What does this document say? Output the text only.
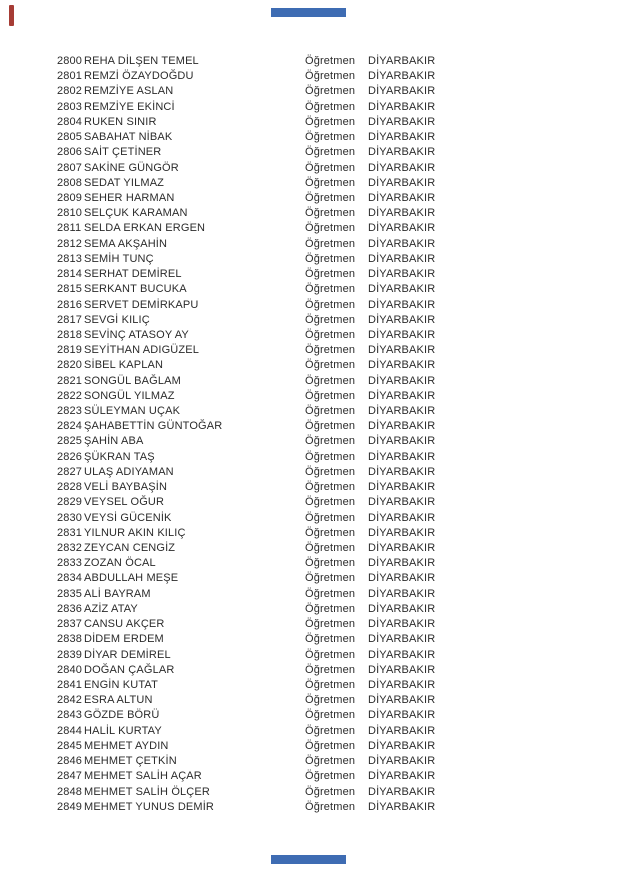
2800 REHA DİLŞEN TEMEL	Öğretmen	DİYARBAKIR
2801 REMZİ ÖZAYDOĞDU	Öğretmen	DİYARBAKIR
2802 REMZİYE ASLAN	Öğretmen	DİYARBAKIR
2803 REMZİYE EKİNCİ	Öğretmen	DİYARBAKIR
2804 RUKEN SINIR	Öğretmen	DİYARBAKIR
2805 SABAHAT NİBAK	Öğretmen	DİYARBAKIR
2806 SAİT ÇETİNER	Öğretmen	DİYARBAKIR
2807 SAKİNE GÜNGÖR	Öğretmen	DİYARBAKIR
2808 SEDAT YILMAZ	Öğretmen	DİYARBAKIR
2809 SEHER HARMAN	Öğretmen	DİYARBAKIR
2810 SELÇUK KARAMAN	Öğretmen	DİYARBAKIR
2811 SELDA ERKAN ERGEN	Öğretmen	DİYARBAKIR
2812 SEMA AKŞAHİN	Öğretmen	DİYARBAKIR
2813 SEMİH TUNÇ	Öğretmen	DİYARBAKIR
2814 SERHAT DEMİREL	Öğretmen	DİYARBAKIR
2815 SERKANT BUCUKA	Öğretmen	DİYARBAKIR
2816 SERVET DEMİRKAPU	Öğretmen	DİYARBAKIR
2817 SEVGİ KILIÇ	Öğretmen	DİYARBAKIR
2818 SEVİNÇ ATASOY AY	Öğretmen	DİYARBAKIR
2819 SEYİTHAN ADIGÜZEL	Öğretmen	DİYARBAKIR
2820 SİBEL KAPLAN	Öğretmen	DİYARBAKIR
2821 SONGÜL BAĞLAM	Öğretmen	DİYARBAKIR
2822 SONGÜL YILMAZ	Öğretmen	DİYARBAKIR
2823 SÜLEYMAN UÇAK	Öğretmen	DİYARBAKIR
2824 ŞAHABETTİN GÜNTOĞAR	Öğretmen	DİYARBAKIR
2825 ŞAHİN ABA	Öğretmen	DİYARBAKIR
2826 ŞÜKRAN TAŞ	Öğretmen	DİYARBAKIR
2827 ULAŞ ADIYAMAN	Öğretmen	DİYARBAKIR
2828 VELİ BAYBAŞİN	Öğretmen	DİYARBAKIR
2829 VEYSEL OĞUR	Öğretmen	DİYARBAKIR
2830 VEYSİ GÜCENİK	Öğretmen	DİYARBAKIR
2831 YILNUR AKIN KILIÇ	Öğretmen	DİYARBAKIR
2832 ZEYCAN CENGİZ	Öğretmen	DİYARBAKIR
2833 ZOZAN ÖCAL	Öğretmen	DİYARBAKIR
2834 ABDULLAH MEŞE	Öğretmen	DİYARBAKIR
2835 ALİ BAYRAM	Öğretmen	DİYARBAKIR
2836 AZİZ ATAY	Öğretmen	DİYARBAKIR
2837 CANSU AKÇER	Öğretmen	DİYARBAKIR
2838 DİDEM ERDEM	Öğretmen	DİYARBAKIR
2839 DİYAR DEMİREL	Öğretmen	DİYARBAKIR
2840 DOĞAN ÇAĞLAR	Öğretmen	DİYARBAKIR
2841 ENGİN KUTAT	Öğretmen	DİYARBAKIR
2842 ESRA ALTUN	Öğretmen	DİYARBAKIR
2843 GÖZDE BÖRÜ	Öğretmen	DİYARBAKIR
2844 HALİL KURTAY	Öğretmen	DİYARBAKIR
2845 MEHMET AYDIN	Öğretmen	DİYARBAKIR
2846 MEHMET ÇETKİN	Öğretmen	DİYARBAKIR
2847 MEHMET SALİH AÇAR	Öğretmen	DİYARBAKIR
2848 MEHMET SALİH ÖLÇER	Öğretmen	DİYARBAKIR
2849 MEHMET YUNUS DEMİR	Öğretmen	DİYARBAKIR
